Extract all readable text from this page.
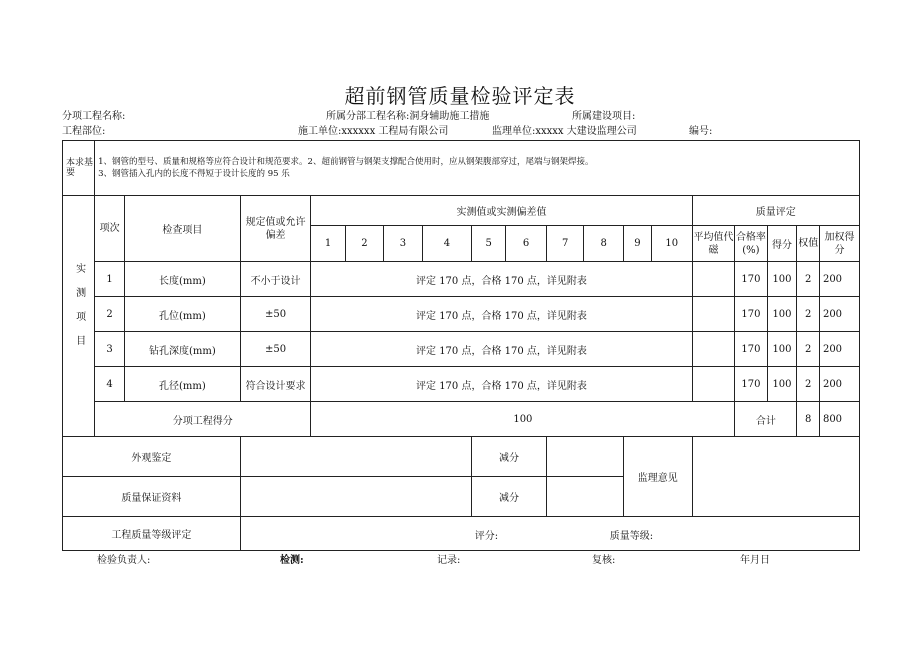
超前钢管质量检验评定表
分项工程名称:	所属分部工程名称:洞身辅助施工措施	所属建设项目:
工程部位:	施工单位:xxxxxx 工程局有限公司	监理单位:xxxxx 大建设监理公司	编号:
本求基要	1、钢管的型号、质量和规格等应符合设计和规范要求。2、超前钢管与钢架支撑配合使用时，应从钢架腹部穿过，尾端与钢架焊接。
3、钢管插入孔内的长度不得短于设计长度的 95 乐																	

实测项目	项次	检查项目	规定值或允许偏差	实测值或实测偏差值										质量评定				
				1	2	3	4	5	6	7	8	9	10	平均值代磁	合格率(%)	得分	权值	加权得分
	1	长度(mm)	不小于设计	评定 170 点，合格 170 点，详见附表											170	100	2	200
	2	孔位(mm)	±50	评定 170 点，合格 170 点，详见附表											170	100	2	200
	3	钻孔深度(mm)	±50	评定 170 点，合格 170 点，详见附表											170	100	2	200
	4	孔径(mm)	符合设计要求	评定 170 点，合格 170 点，详见附表											170	100	2	200
	分项工程得分			100											合计		8	800
外观鉴定								减分				监理意见						
质量保证资料								减分										
工程质量等级评定			评分: 质量等级:															
检验负责人:	检测:	记录:	复核:	年月日
